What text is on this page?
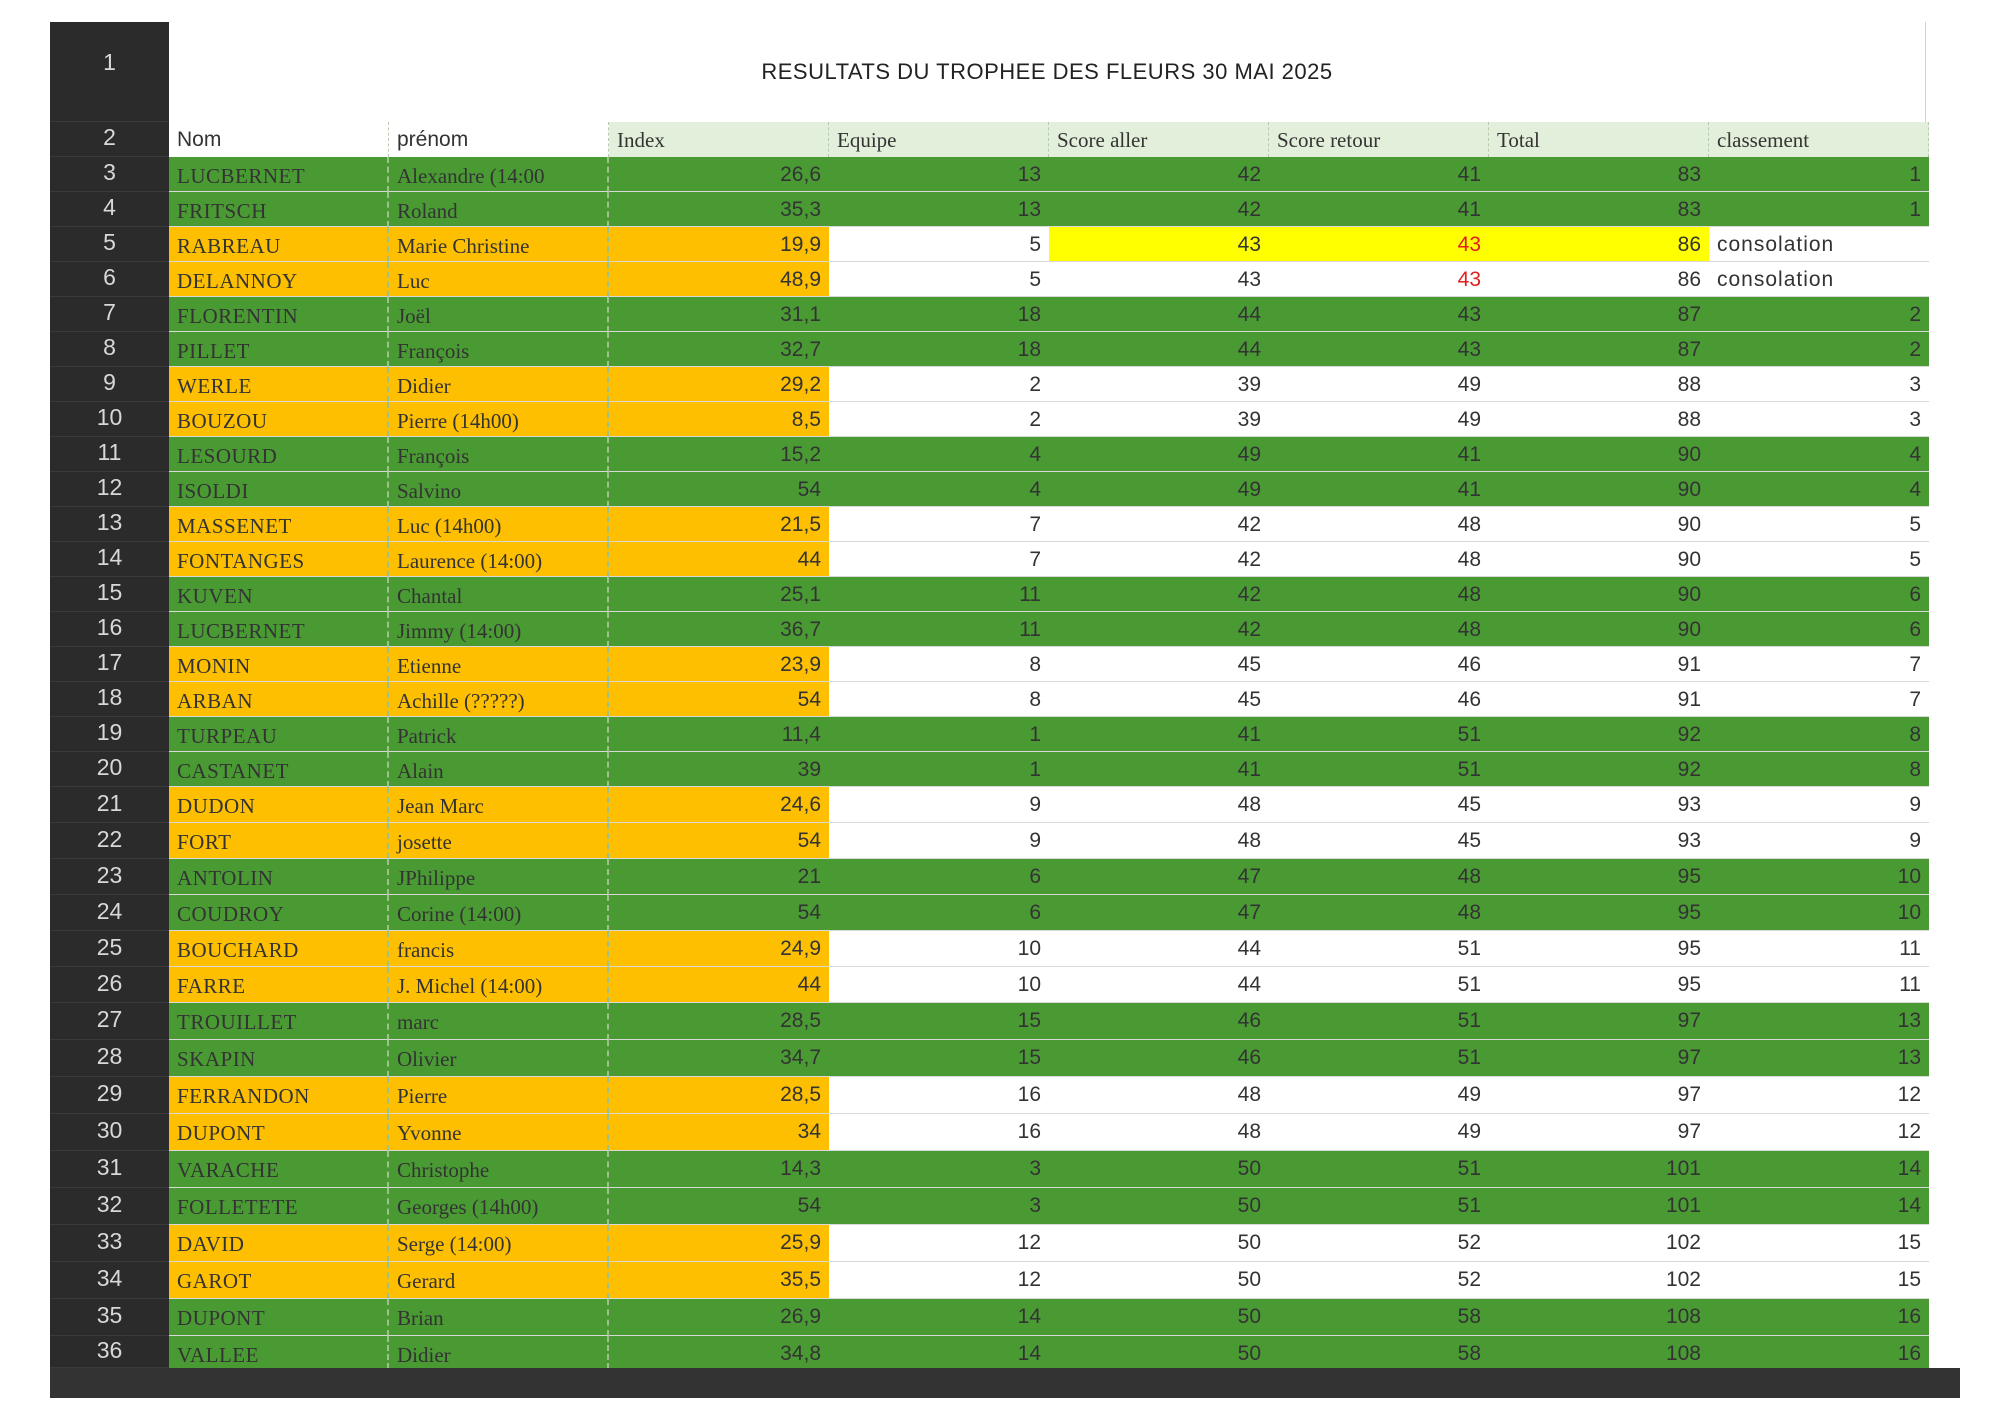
1
2
3
4
5
6
7
8
9
10
11
12
13
14
15
16
17
18
19
20
21
22
23
24
25
26
27
28
29
30
31
32
33
34
35
36
RESULTATS DU TROPHEE DES FLEURS 30 MAI 2025
Nom	prénom	Index	Equipe	Score aller	Score retour	Total	classement
LUCBERNET	Alexandre (14:00	26,6	13	42	41	83	1
FRITSCH	Roland	35,3	13	42	41	83	1
RABREAU	Marie Christine	19,9	5	43	43	86 consolation
DELANNOY	Luc	48,9	5	43	43	86 consolation
FLORENTIN	Joël	31,1	18	44	43	87	2
PILLET	François	32,7	18	44	43	87	2
WERLE	Didier	29,2	2	39	49	88	3
BOUZOU	Pierre (14h00)	8,5	2	39	49	88	3
LESOURD	François	15,2	4	49	41	90	4
ISOLDI	Salvino	54	4	49	41	90	4
MASSENET	Luc (14h00)	21,5	7	42	48	90	5
FONTANGES	Laurence (14:00)	44	7	42	48	90	5
KUVEN	Chantal	25,1	11	42	48	90	6
LUCBERNET	Jimmy (14:00)	36,7	11	42	48	90	6
MONIN	Etienne	23,9	8	45	46	91	7
ARBAN	Achille (?????)	54	8	45	46	91	7
TURPEAU	Patrick	11,4	1	41	51	92	8
CASTANET	Alain	39	1	41	51	92	8
DUDON	Jean Marc	24,6	9	48	45	93	9
FORT	josette	54	9	48	45	93	9
ANTOLIN	JPhilippe	21	6	47	48	95	10
COUDROY	Corine (14:00)	54	6	47	48	95	10
BOUCHARD	francis	24,9	10	44	51	95	11
FARRE	J. Michel (14:00)	44	10	44	51	95	11
TROUILLET	marc	28,5	15	46	51	97	13
SKAPIN	Olivier	34,7	15	46	51	97	13
FERRANDON	Pierre	28,5	16	48	49	97	12
DUPONT	Yvonne	34	16	48	49	97	12
VARACHE	Christophe	14,3	3	50	51	101	14
FOLLETETE	Georges (14h00)	54	3	50	51	101	14
DAVID	Serge (14:00)	25,9	12	50	52	102	15
GAROT	Gerard	35,5	12	50	52	102	15
DUPONT	Brian	26,9	14	50	58	108	16
VALLEE	Didier	34,8	14	50	58	108	16
